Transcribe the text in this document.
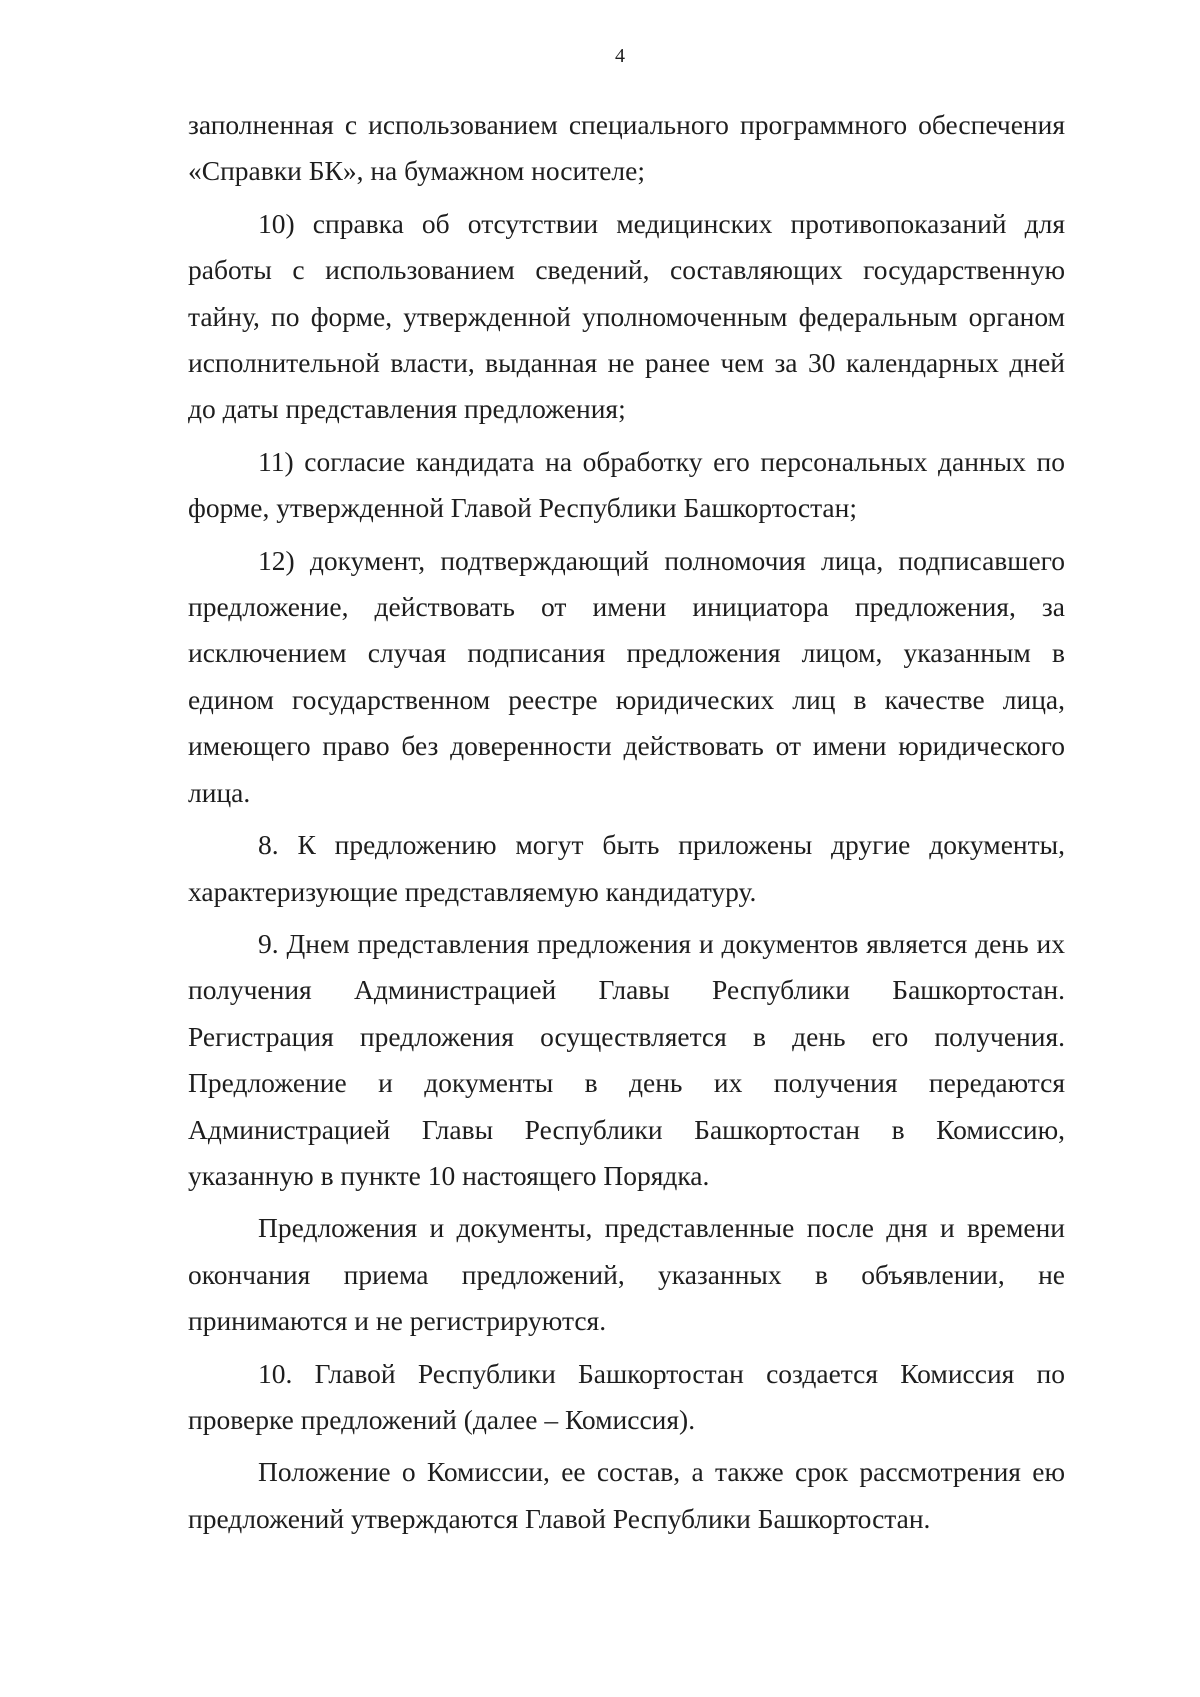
4

заполненная с использованием специального программного обеспечения «Справки БК», на бумажном носителе;

10) справка об отсутствии медицинских противопоказаний для работы с использованием сведений, составляющих государственную тайну, по форме, утвержденной уполномоченным федеральным органом исполнительной власти, выданная не ранее чем за 30 календарных дней до даты представления предложения;

11) согласие кандидата на обработку его персональных данных по форме, утвержденной Главой Республики Башкортостан;

12) документ, подтверждающий полномочия лица, подписавшего предложение, действовать от имени инициатора предложения, за исключением случая подписания предложения лицом, указанным в едином государственном реестре юридических лиц в качестве лица, имеющего право без доверенности действовать от имени юридического лица.

8. К предложению могут быть приложены другие документы, характеризующие представляемую кандидатуру.

9. Днем представления предложения и документов является день их получения Администрацией Главы Республики Башкортостан. Регистрация предложения осуществляется в день его получения. Предложение и документы в день их получения передаются Администрацией Главы Республики Башкортостан в Комиссию, указанную в пункте 10 настоящего Порядка.

Предложения и документы, представленные после дня и времени окончания приема предложений, указанных в объявлении, не принимаются и не регистрируются.

10. Главой Республики Башкортостан создается Комиссия по проверке предложений (далее – Комиссия).

Положение о Комиссии, ее состав, а также срок рассмотрения ею предложений утверждаются Главой Республики Башкортостан.
